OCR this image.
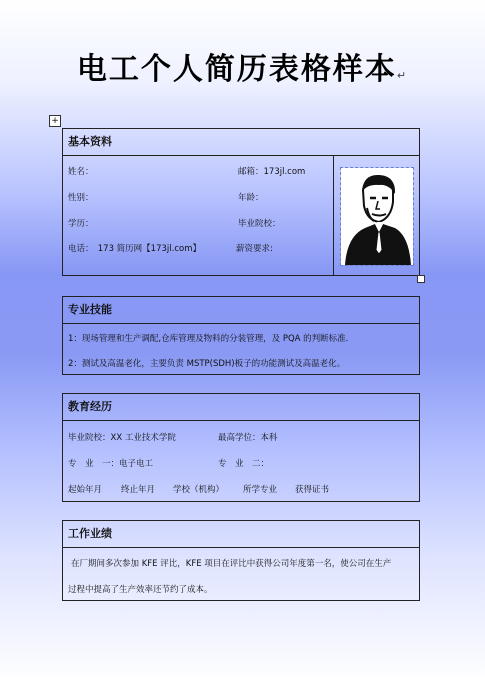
电工个人简历表格样本↵
+
基本资料
姓名：	邮箱：173jl.com
性别：	年龄：
学历：	毕业院校：
电话：　173 简历网【173jl.com】	薪资要求:
专业技能
1：现场管理和生产调配,仓库管理及物料的分装管理，及 PQA 的判断标准.
2：测试及高温老化，主要负责 MSTP(SDH)板子的功能测试及高温老化。
教育经历
毕业院校：XX 工业技术学院	最高学位：本科
专　业　一：电子电工	专　业　二：
起始年月 终止年月 学校（机构） 所学专业 获得证书
工作业绩
在厂期间多次参加 KFE 评比，KFE 项目在评比中获得公司年度第一名，使公司在生产
过程中提高了生产效率还节约了成本。
